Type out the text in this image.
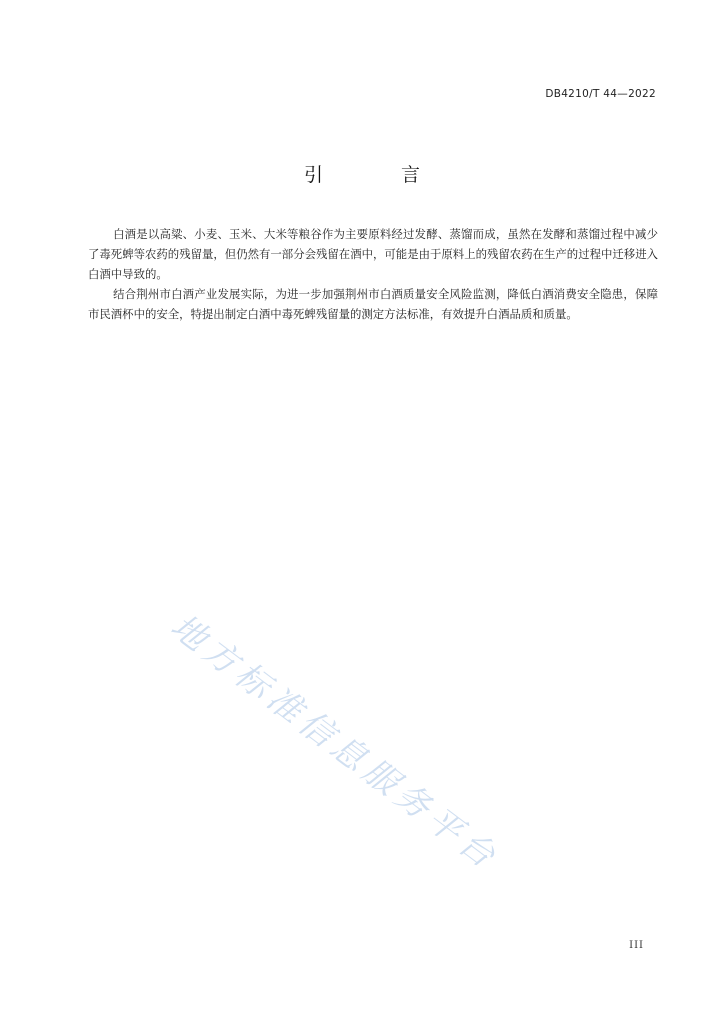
DB4210/T 44—2022
引 言

白酒是以高粱、小麦、玉米、大米等粮谷作为主要原料经过发酵、蒸馏而成，虽然在发酵和蒸馏过程中减少了毒死蜱等农药的残留量，但仍然有一部分会残留在酒中，可能是由于原料上的残留农药在生产的过程中迁移进入白酒中导致的。

结合荆州市白酒产业发展实际，为进一步加强荆州市白酒质量安全风险监测，降低白酒消费安全隐患，保障市民酒杯中的安全，特提出制定白酒中毒死蜱残留量的测定方法标准，有效提升白酒品质和质量。

地方标准信息服务平台
III
